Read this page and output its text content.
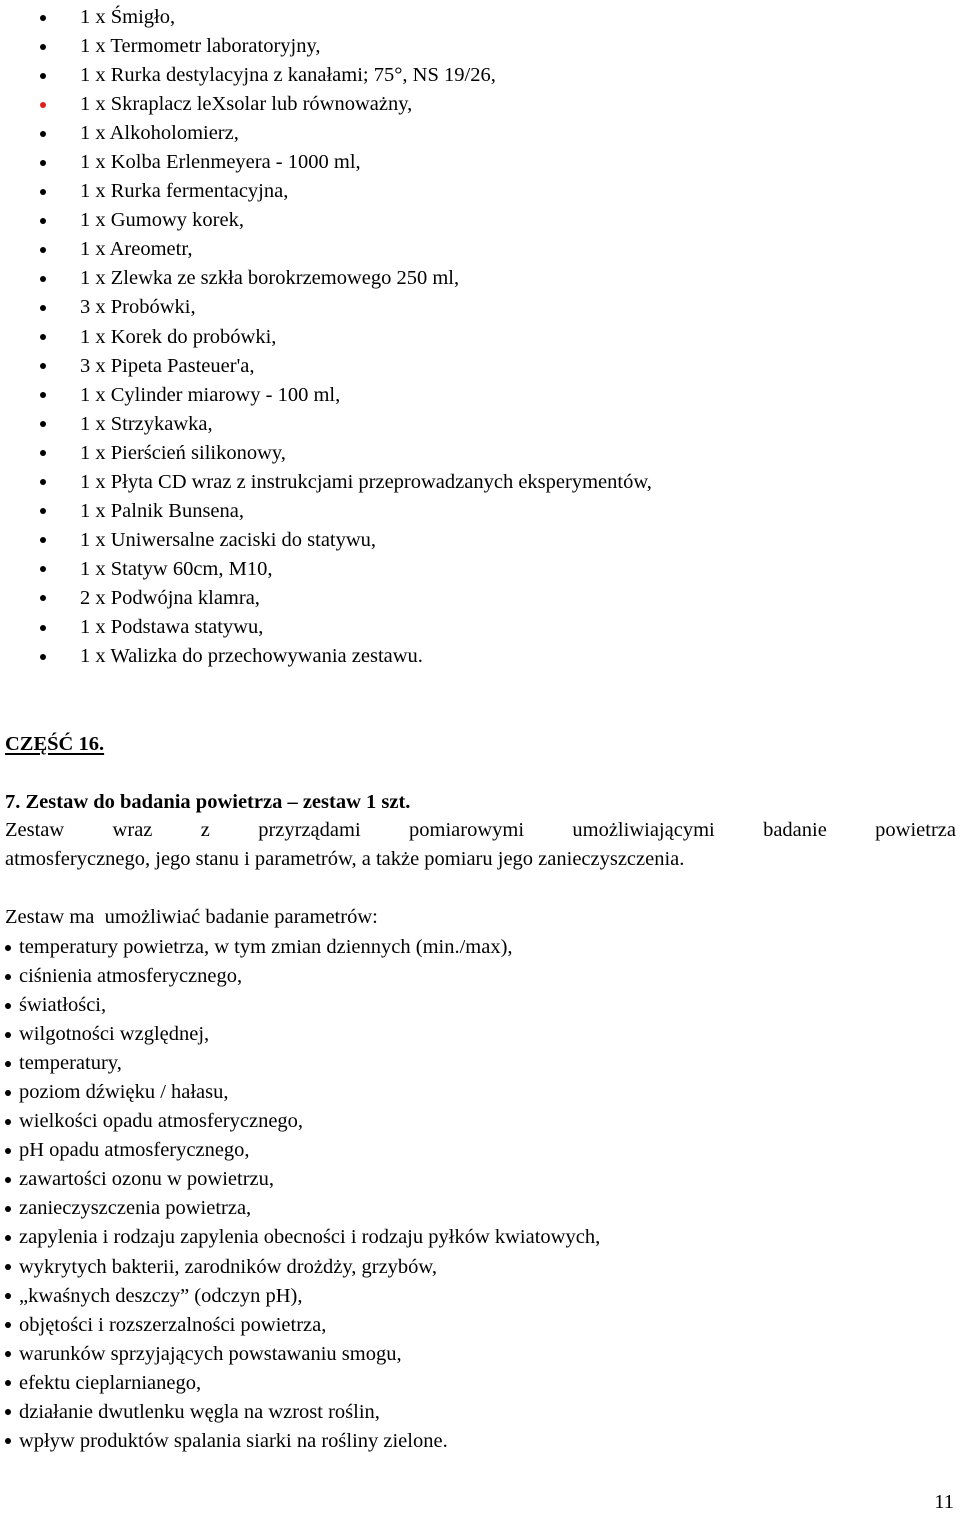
1 x Śmigło,
1 x Termometr laboratoryjny,
1 x Rurka destylacyjna z kanałami; 75°, NS 19/26,
1 x Skraplacz leXsolar lub równoważny,
1 x Alkoholomierz,
1 x Kolba Erlenmeyera - 1000 ml,
1 x Rurka fermentacyjna,
1 x Gumowy korek,
1 x Areometr,
1 x Zlewka ze szkła borokrzemowego 250 ml,
3 x Probówki,
1 x Korek do probówki,
3 x Pipeta Pasteuer'a,
1 x Cylinder miarowy - 100 ml,
1 x Strzykawka,
1 x Pierścień silikonowy,
1 x Płyta CD wraz z instrukcjami przeprowadzanych eksperymentów,
1 x Palnik Bunsena,
1 x Uniwersalne zaciski do statywu,
1 x Statyw 60cm, M10,
2 x Podwójna klamra,
1 x Podstawa statywu,
1 x Walizka do przechowywania zestawu.
CZĘŚĆ 16.
7. Zestaw do badania powietrza – zestaw 1 szt.
Zestaw wraz z przyrządami pomiarowymi umożliwiającymi badanie powietrza
atmosferycznego, jego stanu i parametrów, a także pomiaru jego zanieczyszczenia.
Zestaw ma  umożliwiać badanie parametrów:
temperatury powietrza, w tym zmian dziennych (min./max),
ciśnienia atmosferycznego,
światłości,
wilgotności względnej,
temperatury,
poziom dźwięku / hałasu,
wielkości opadu atmosferycznego,
pH opadu atmosferycznego,
zawartości ozonu w powietrzu,
zanieczyszczenia powietrza,
zapylenia i rodzaju zapylenia obecności i rodzaju pyłków kwiatowych,
wykrytych bakterii, zarodników drożdży, grzybów,
„kwaśnych deszczy” (odczyn pH),
objętości i rozszerzalności powietrza,
warunków sprzyjających powstawaniu smogu,
efektu cieplarnianego,
działanie dwutlenku węgla na wzrost roślin,
wpływ produktów spalania siarki na rośliny zielone.
11
